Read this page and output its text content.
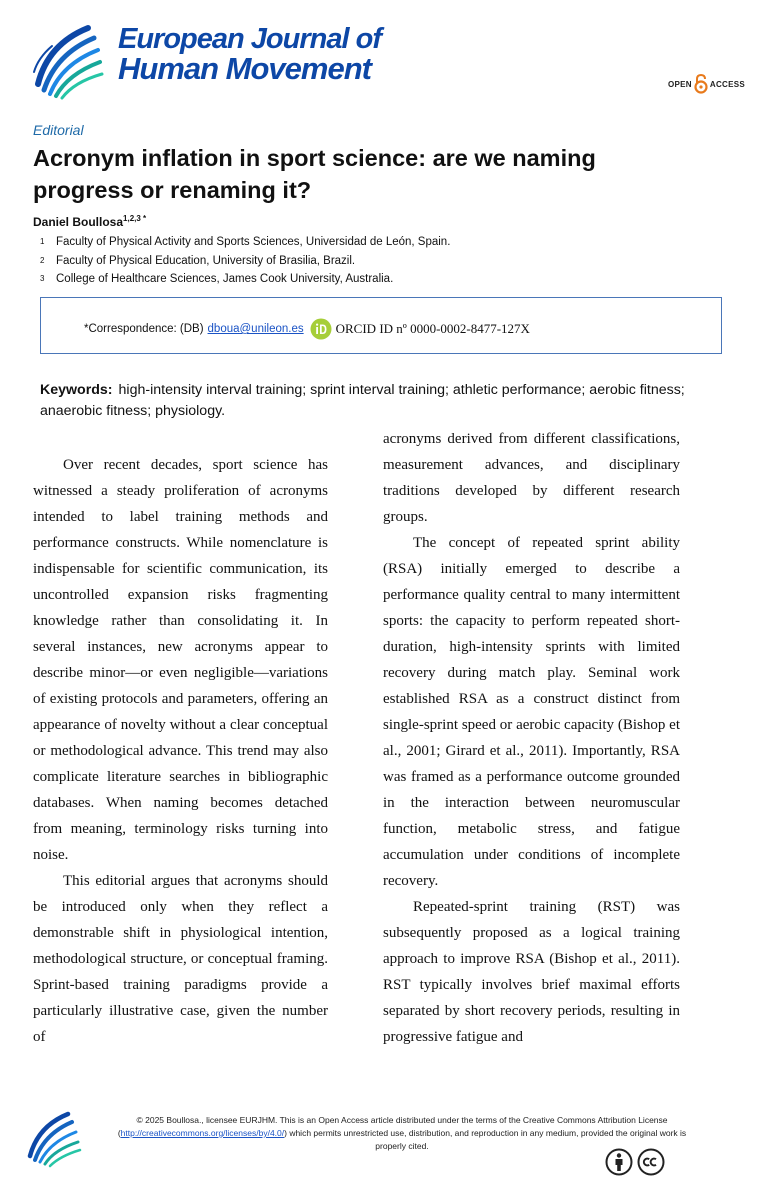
European Journal of
Human Movement	OPEN ACCESS
Editorial
Acronym inflation in sport science: are we naming progress or renaming it?
Daniel Boullosa$^{1,2,3 *}$
1	Faculty of Physical Activity and Sports Sciences, Universidad de León, Spain.
2	Faculty of Physical Education, University of Brasilia, Brazil.
3	College of Healthcare Sciences, James Cook University, Australia.
*Correspondence: (DB) dboua@unileon.es ORCID ID nº 0000-0002-8477-127X
Keywords: high-intensity interval training; sprint interval training; athletic performance; aerobic fitness; anaerobic fitness; physiology.

Over recent decades, sport science has witnessed a steady proliferation of acronyms intended to label training methods and performance constructs. While nomenclature is indispensable for scientific communication, its uncontrolled expansion risks fragmenting knowledge rather than consolidating it. In several instances, new acronyms appear to describe minor—or even negligible—variations of existing protocols and parameters, offering an appearance of novelty without a clear conceptual or methodological advance. This trend may also complicate literature searches in bibliographic databases. When naming becomes detached from meaning, terminology risks turning into noise.

This editorial argues that acronyms should be introduced only when they reflect a demonstrable shift in physiological intention, methodological structure, or conceptual framing. Sprint-based training paradigms provide a particularly illustrative case, given the number of

acronyms derived from different classifications, measurement advances, and disciplinary traditions developed by different research groups.

The concept of repeated sprint ability (RSA) initially emerged to describe a performance quality central to many intermittent sports: the capacity to perform repeated short-duration, high-intensity sprints with limited recovery during match play. Seminal work established RSA as a construct distinct from single-sprint speed or aerobic capacity (Bishop et al., 2001; Girard et al., 2011). Importantly, RSA was framed as a performance outcome grounded in the interaction between neuromuscular function, metabolic stress, and fatigue accumulation under conditions of incomplete recovery.

Repeated-sprint training (RST) was subsequently proposed as a logical training approach to improve RSA (Bishop et al., 2011). RST typically involves brief maximal efforts separated by short recovery periods, resulting in progressive fatigue and

© 2025 Boullosa., licensee EURJHM. This is an Open Access article distributed under the terms of the Creative Commons Attribution License (http://creativecommons.org/licenses/by/4.0/) which permits unrestricted use, distribution, and reproduction in any medium, provided the original work is properly cited.
